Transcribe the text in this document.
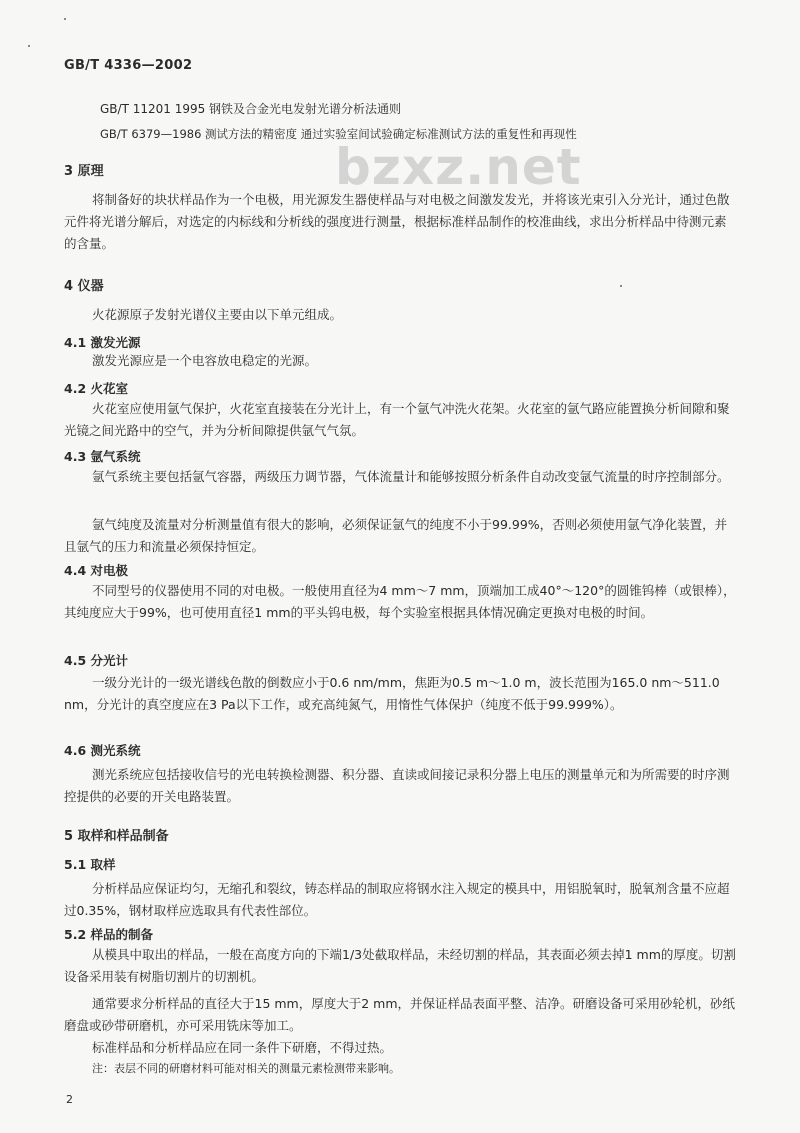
GB/T 4336—2002
GB/T 11201 1995 钢铁及合金光电发射光谱分析法通则
GB/T 6379—1986 测试方法的精密度 通过实验室间试验确定标准测试方法的重复性和再现性
bzxz.net
3 原理
将制备好的块状样品作为一个电极，用光源发生器使样品与对电极之间激发发光，并将该光束引入分光计，通过色散元件将光谱分解后，对选定的内标线和分析线的强度进行测量，根据标准样品制作的校准曲线，求出分析样品中待测元素的含量。
4 仪器
火花源原子发射光谱仪主要由以下单元组成。
4.1 激发光源
激发光源应是一个电容放电稳定的光源。
4.2 火花室
火花室应使用氩气保护，火花室直接装在分光计上，有一个氩气冲洗火花架。火花室的氩气路应能置换分析间隙和聚光镜之间光路中的空气，并为分析间隙提供氩气气氛。
4.3 氩气系统
氩气系统主要包括氩气容器，两级压力调节器，气体流量计和能够按照分析条件自动改变氩气流量的时序控制部分。
氩气纯度及流量对分析测量值有很大的影响，必须保证氩气的纯度不小于99.99%，否则必须使用氩气净化装置，并且氩气的压力和流量必须保持恒定。
4.4 对电极
不同型号的仪器使用不同的对电极。一般使用直径为4 mm～7 mm，顶端加工成40°～120°的圆锥钨棒（或银棒），其纯度应大于99%，也可使用直径1 mm的平头钨电极，每个实验室根据具体情况确定更换对电极的时间。
4.5 分光计
一级分光计的一级光谱线色散的倒数应小于0.6 nm/mm，焦距为0.5 m～1.0 m，波长范围为165.0 nm～511.0 nm，分光计的真空度应在3 Pa以下工作，或充高纯氮气，用惰性气体保护（纯度不低于99.999%）。
4.6 测光系统
测光系统应包括接收信号的光电转换检测器、积分器、直读或间接记录积分器上电压的测量单元和为所需要的时序测控提供的必要的开关电路装置。
5 取样和样品制备
5.1 取样
分析样品应保证均匀，无缩孔和裂纹，铸态样品的制取应将钢水注入规定的模具中，用铝脱氧时，脱氧剂含量不应超过0.35%，钢材取样应选取具有代表性部位。
5.2 样品的制备
从模具中取出的样品，一般在高度方向的下端1/3处截取样品，未经切割的样品，其表面必须去掉1 mm的厚度。切割设备采用装有树脂切割片的切割机。
通常要求分析样品的直径大于15 mm，厚度大于2 mm，并保证样品表面平整、洁净。研磨设备可采用砂轮机，砂纸磨盘或砂带研磨机，亦可采用铣床等加工。
标准样品和分析样品应在同一条件下研磨，不得过热。
注：表层不同的研磨材料可能对相关的测量元素检测带来影响。
2
